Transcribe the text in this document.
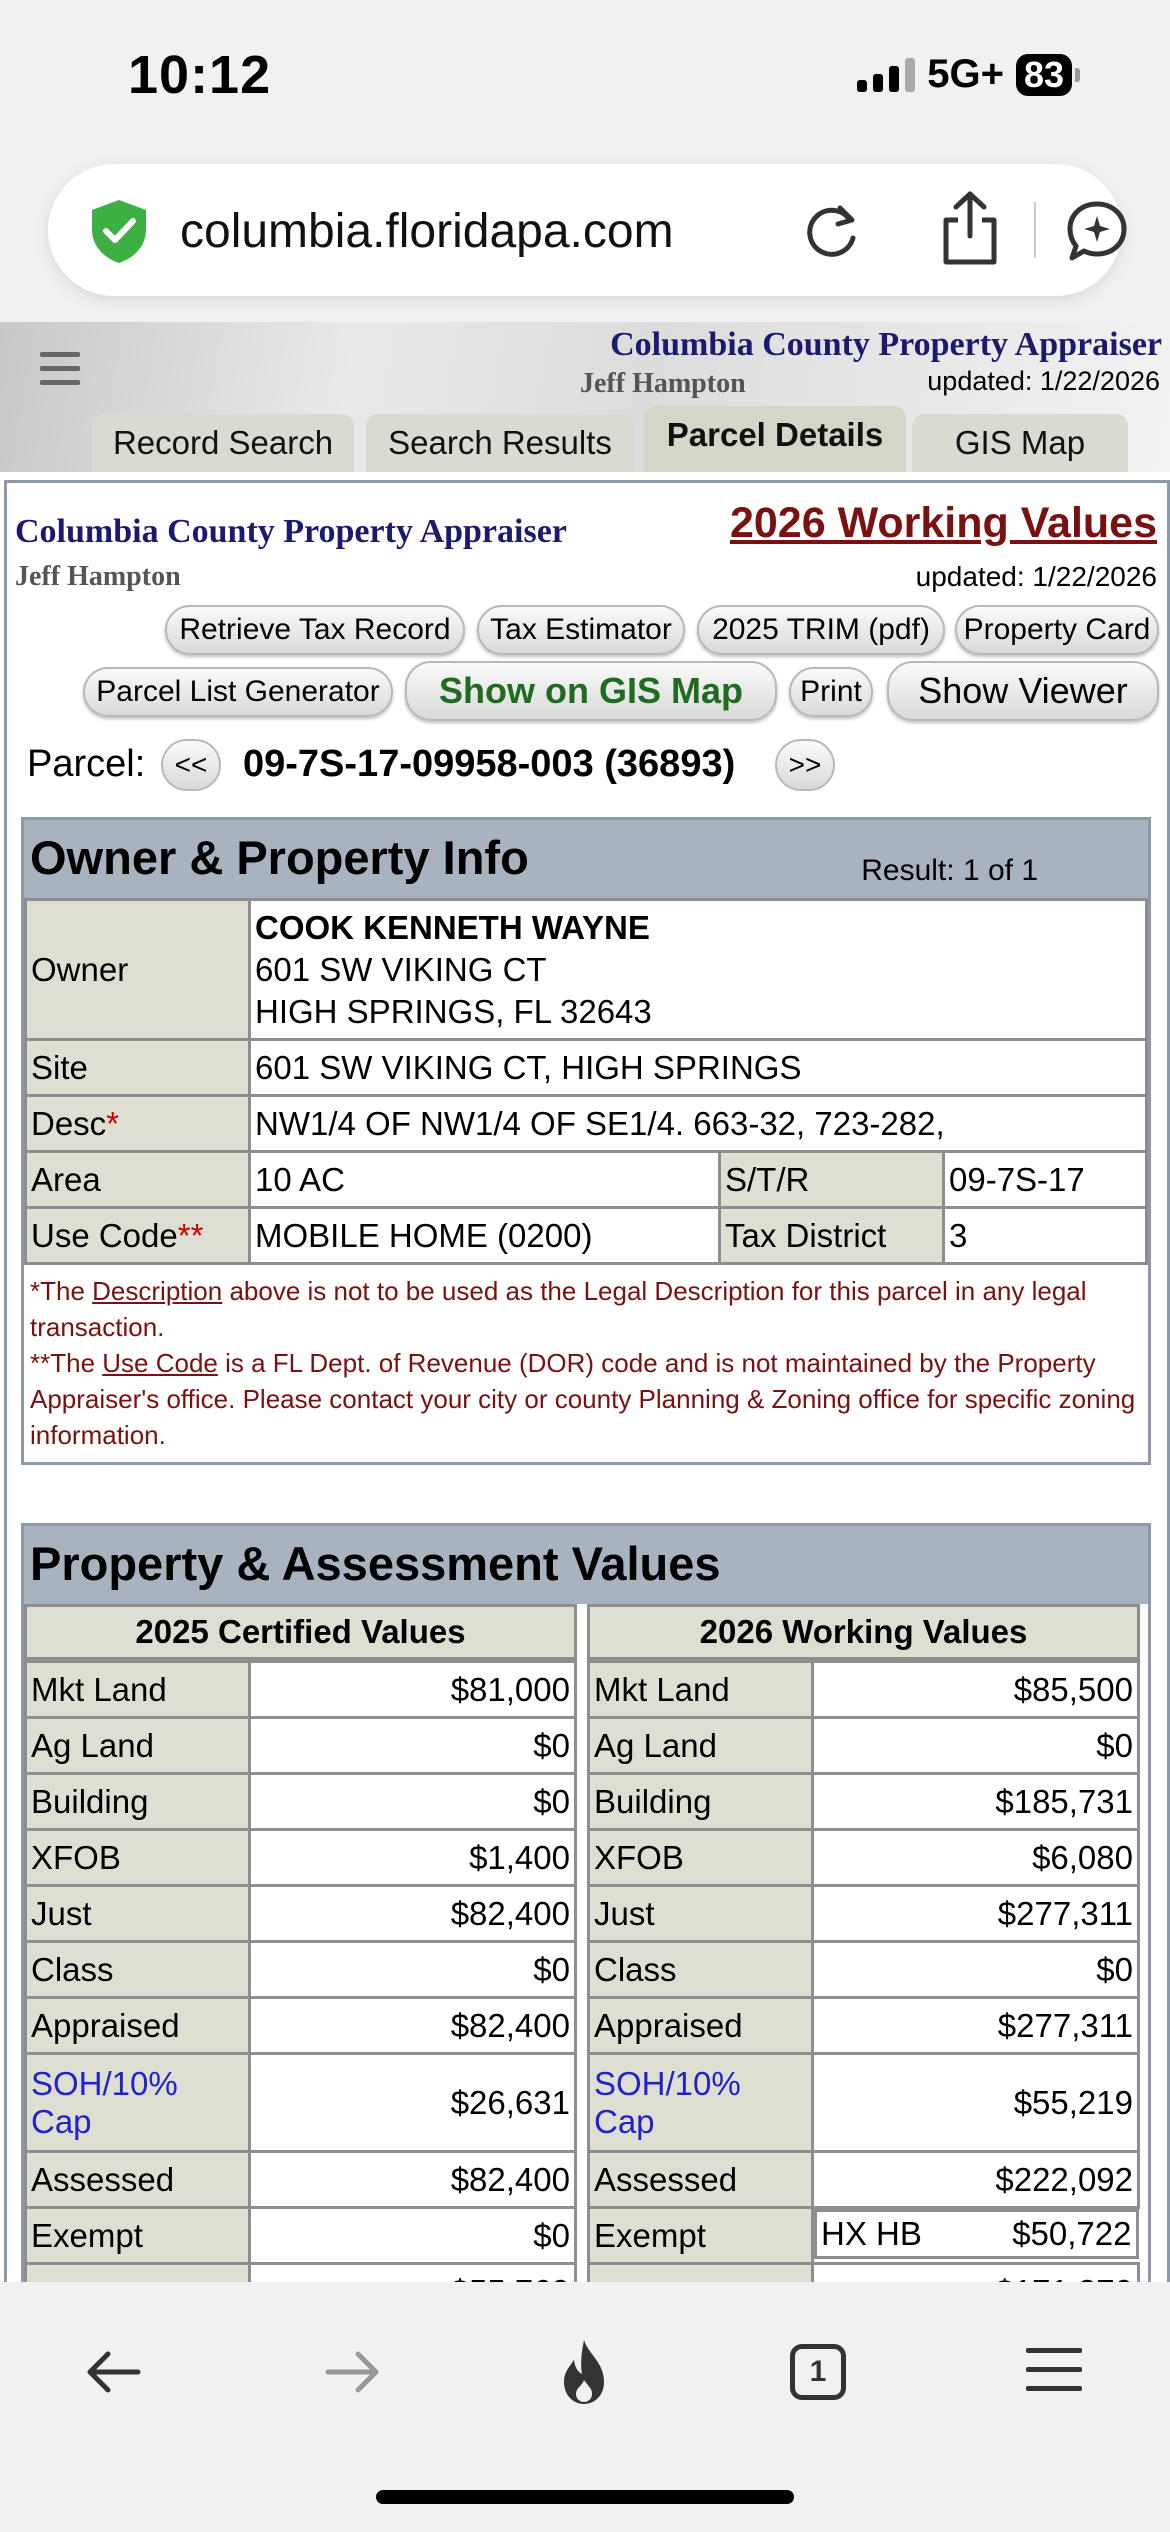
10:12	5G+ 83
columbia.floridapa.com
Columbia County Property Appraiser
Jeff Hampton	updated: 1/22/2026
Record Search	Search Results	Parcel Details	GIS Map
Columbia County Property Appraiser
Jeff Hampton
2026 Working Values
updated: 1/22/2026
Retrieve Tax Record	Tax Estimator	2025 TRIM (pdf)	Property Card
Parcel List Generator	Show on GIS Map	Print	Show Viewer
Parcel:	<< 09-7S-17-09958-003 (36893)	>>
Owner & Property Info	Result: 1 of 1
Owner	COOK KENNETH WAYNE
601 SW VIKING CT
HIGH SPRINGS, FL 32643		

Site	601 SW VIKING CT, HIGH SPRINGS		
Desc*	NW1/4 OF NW1/4 OF SE1/4. 663-32, 723-282,		
Area	10 AC	S/T/R	09-7S-17
Use Code**	MOBILE HOME (0200)	Tax District	3
*The Description above is not to be used as the Legal Description for this parcel in any legal transaction.
**The Use Code is a FL Dept. of Revenue (DOR) code and is not maintained by the Property Appraiser's office. Please contact your city or county Planning & Zoning office for specific zoning information.
Property & Assessment Values
2025 Certified Values
Mkt Land	$81,000
Ag Land	$0
Building	$0
XFOB	$1,400
Just	$82,400
Class	$0
Appraised	$82,400
SOH/10% Cap	$26,631
Assessed	$82,400
Exempt	$0

2026 Working Values
Mkt Land	$85,500
Ag Land	$0
Building	$185,731
XFOB	$6,080
Just	$277,311
Class	$0
Appraised	$277,311
SOH/10% Cap	$55,219
Assessed	$222,092
Exempt		HX HB	$50,722

1
